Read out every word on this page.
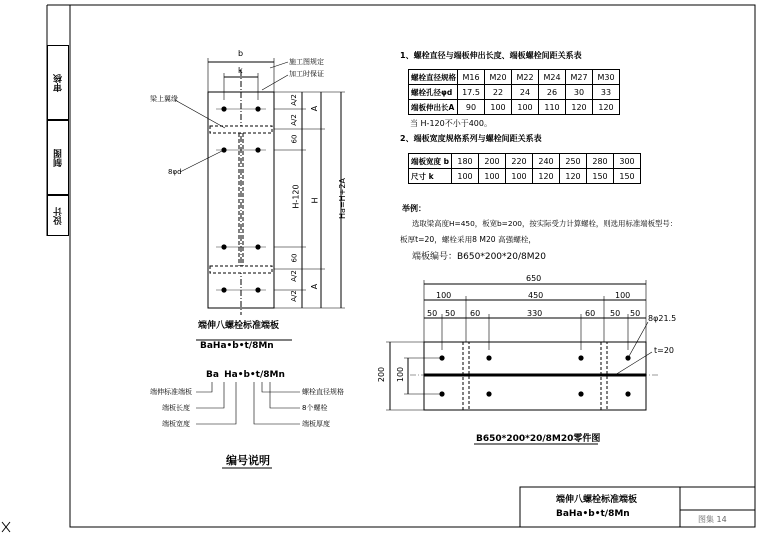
审核
制图
设计
b
k
施工图规定
加工时保证
梁上翼缘
8φd
A/2
A/2
60
H-120
60
A/2
A/2
A
H
A
Ha=H+2A
端伸八螺栓标准端板
BaHa•b•t/8Mn
Ba Ha•b•t/8Mn
端伸标准端板
端板长度
端板宽度
螺栓直径规格
8个螺栓
端板厚度
编号说明
1、螺栓直径与端板伸出长度、端板螺栓间距关系表
螺栓直径规格	M16	M20	M22	M24	M27	M30
螺栓孔径φd	17.5	22	24	26	30	33
端板伸出长A	90	100	100	110	120	120
当 H-120不小于400。
2、端板宽度规格系列与螺栓间距关系表
端板宽度 b	180	200	220	240	250	280	300
尺寸 k	100	100	100	120	120	150	150
举例：
选取梁高度H=450，板宽b=200，按实际受力计算螺栓，则选用标准端板型号：
板厚t=20，螺栓采用8 M20 高强螺栓，
端板编号：B650*200*20/8M20
650
100	450	100
50 50 60	330	60 50 50
200 100
8φ21.5
t=20
B650*200*20/8M20零件图
端伸八螺栓标准端板
BaHa•b•t/8Mn
图集 14
